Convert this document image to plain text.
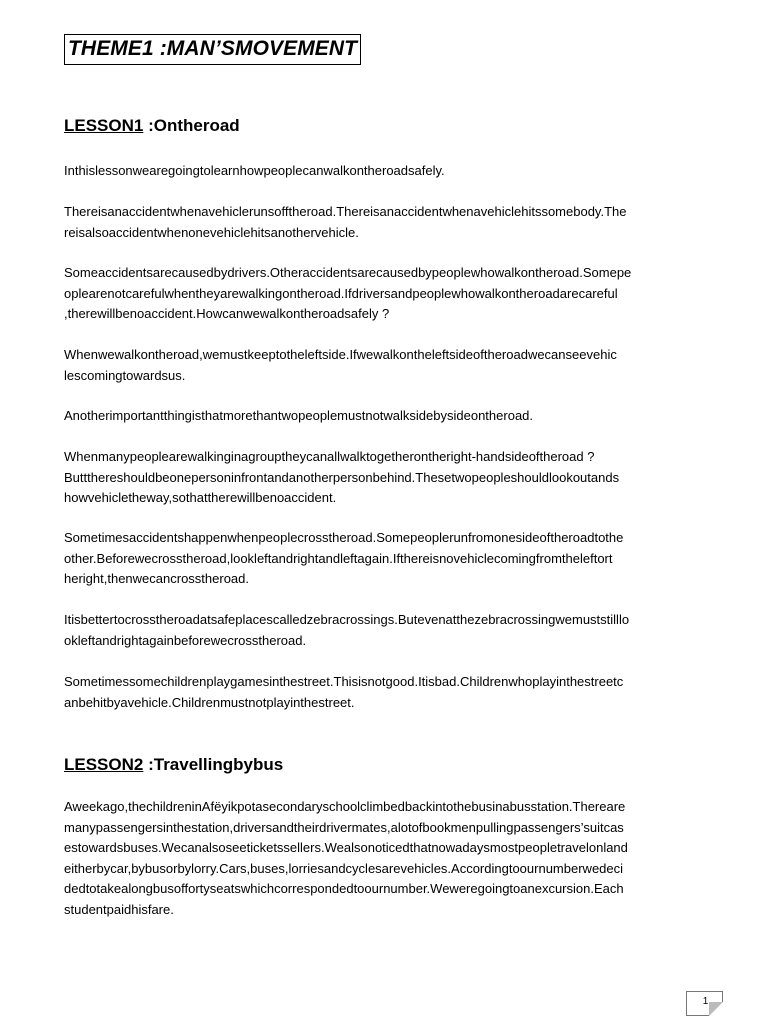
THEME1 :MAN’SMOVEMENT
LESSON1 :Ontheroad
Inthislessonwearegoingtolearnhowpeoplecanwalkontheroadsafely.
Thereisanaccidentwhenavehiclerunsofftheroad.Thereisanaccidentwhenavehiclehitssomebody.The
reisalsoaccidentwhenonevehiclehitsanothervehicle.
Someaccidentsarecausedbydrivers.Otheraccidentsarecausedbypeoplewhowalkontheroad.Somepe
oplearenotcarefulwhentheyarewalkingontheroad.Ifdriversandpeoplewhowalkontheroadarecareful
,therewillbenoaccident.Howcanwewalkontheroadsafely ?
Whenwewalkontheroad,wemustkeeptotheleftside.Ifwewalkontheleftsideoftheroadwecanseevehic
lescomingtowardsus.
Anotherimportantthingisthatmorethantwopeoplemustnotwalksidebysideontheroad.
Whenmanypeoplearewalkinginagrouptheycanallwalktogetherontheright-handsideoftheroad ?
Buttthereshouldbeonepersoninfrontandanotherpersonbehind.Thesetwopeopleshouldlookoutands
howvehicletheway,sothattherewillbenoaccident.
Sometimesaccidentshappenwhenpeoplecrosstheroad.Somepeoplerunfromonesideoftheroadtothe
other.Beforewecrosstheroad,lookleftandrightandleftagain.Ifthereisnovehiclecomingfromtheleftort
heright,thenwecancrosstheroad.
Itisbettertocrosstheroadatsafeplacescalledzebracrossings.Butevenatthezebracrossingwemuststilllo
okleftandrightagainbeforewecrosstheroad.
Sometimessomechildrenplaygamesinthestreet.Thisisnotgood.Itisbad.Childrenwhoplayinthestreetc
anbehitbyavehicle.Childrenmustnotplayinthestreet.
LESSON2 :Travellingbybus
Aweekago,thechildreninAfëyikpotasecondaryschoolclimbedbackintothebusinabusstation.Thereare
manypassengersinthestation,driversandtheirdrivermates,alotofbookmenpullingpassengers’suitcas
estowardsbuses.Wecanalsoseeticketssellers.Wealsonoticedthatnowadaysmostpeopletravelonland
eitherbycar,bybusorbylorry.Cars,buses,lorriesandcyclesarevehicles.Accordingtoournumberwedeci
dedtotakealongbusoffortyseatswhichcorrespondedtoournumber.Weweregoingtoanexcursion.Each
studentpaidhisfare.
1
